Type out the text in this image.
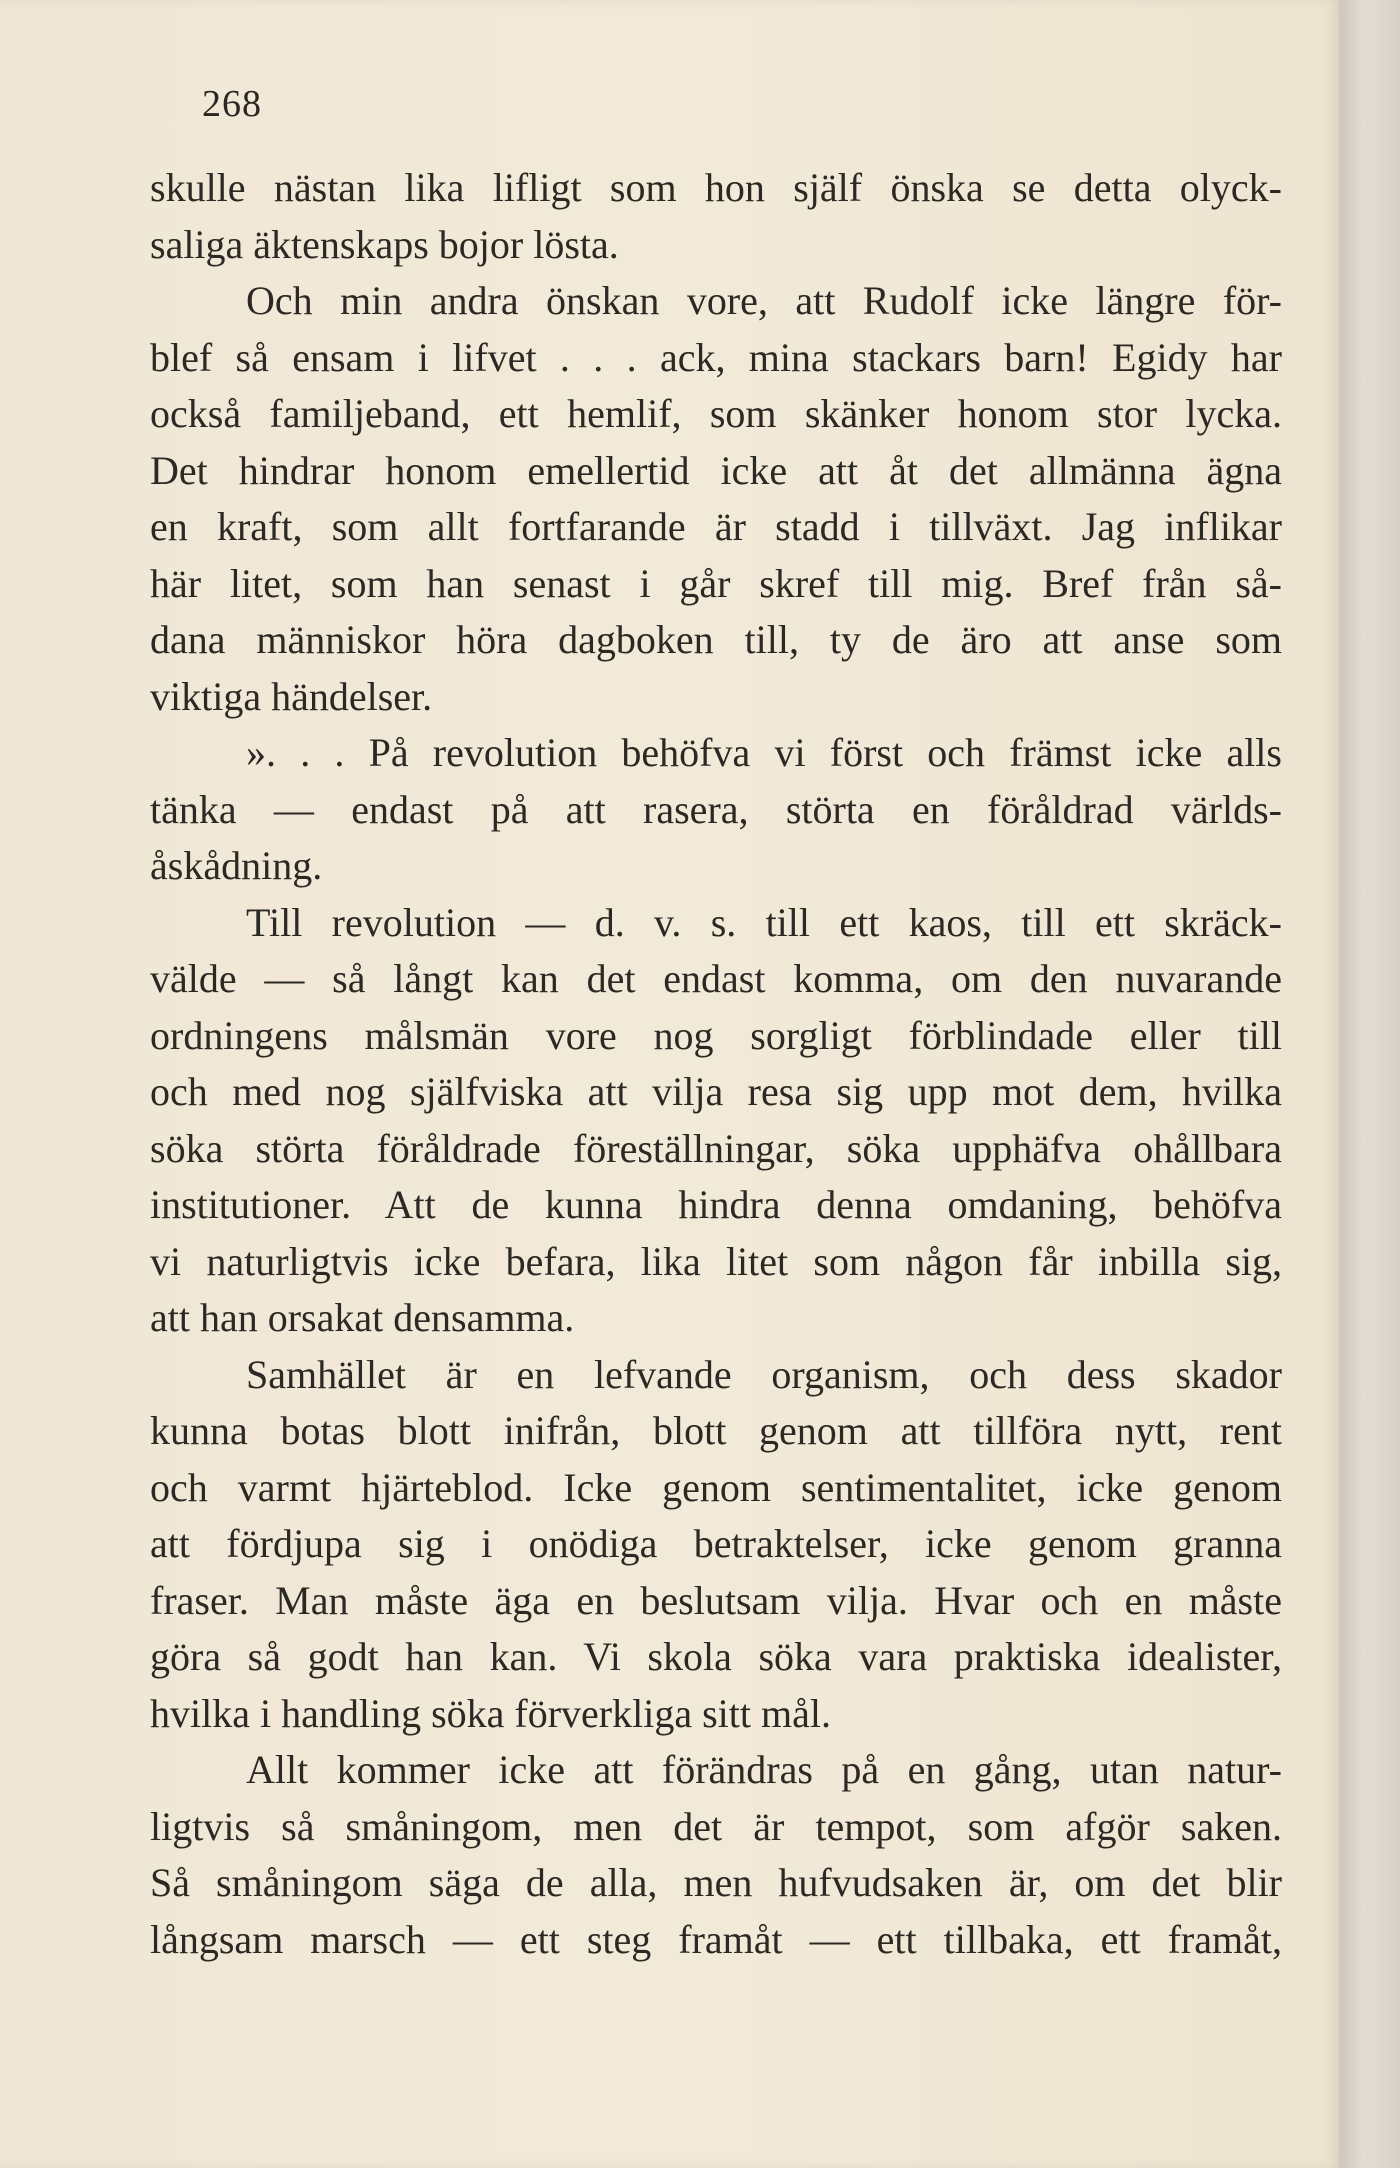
268
skulle nästan lika lifligt som hon själf önska se detta olyck-
saliga äktenskaps bojor lösta.
Och min andra önskan vore, att Rudolf icke längre för-
blef så ensam i lifvet . . . ack, mina stackars barn! Egidy har
också familjeband, ett hemlif, som skänker honom stor lycka.
Det hindrar honom emellertid icke att åt det allmänna ägna
en kraft, som allt fortfarande är stadd i tillväxt. Jag inflikar
här litet, som han senast i går skref till mig. Bref från så-
dana människor höra dagboken till, ty de äro att anse som
viktiga händelser.
». . . På revolution behöfva vi först och främst icke alls
tänka — endast på att rasera, störta en föråldrad världs-
åskådning.
Till revolution — d. v. s. till ett kaos, till ett skräck-
välde — så långt kan det endast komma, om den nuvarande
ordningens målsmän vore nog sorgligt förblindade eller till
och med nog själfviska att vilja resa sig upp mot dem, hvilka
söka störta föråldrade föreställningar, söka upphäfva ohållbara
institutioner. Att de kunna hindra denna omdaning, behöfva
vi naturligtvis icke befara, lika litet som någon får inbilla sig,
att han orsakat densamma.
Samhället är en lefvande organism, och dess skador
kunna botas blott inifrån, blott genom att tillföra nytt, rent
och varmt hjärteblod. Icke genom sentimentalitet, icke genom
att fördjupa sig i onödiga betraktelser, icke genom granna
fraser. Man måste äga en beslutsam vilja. Hvar och en måste
göra så godt han kan. Vi skola söka vara praktiska idealister,
hvilka i handling söka förverkliga sitt mål.
Allt kommer icke att förändras på en gång, utan natur-
ligtvis så småningom, men det är tempot, som afgör saken.
Så småningom säga de alla, men hufvudsaken är, om det blir
långsam marsch — ett steg framåt — ett tillbaka, ett framåt,
